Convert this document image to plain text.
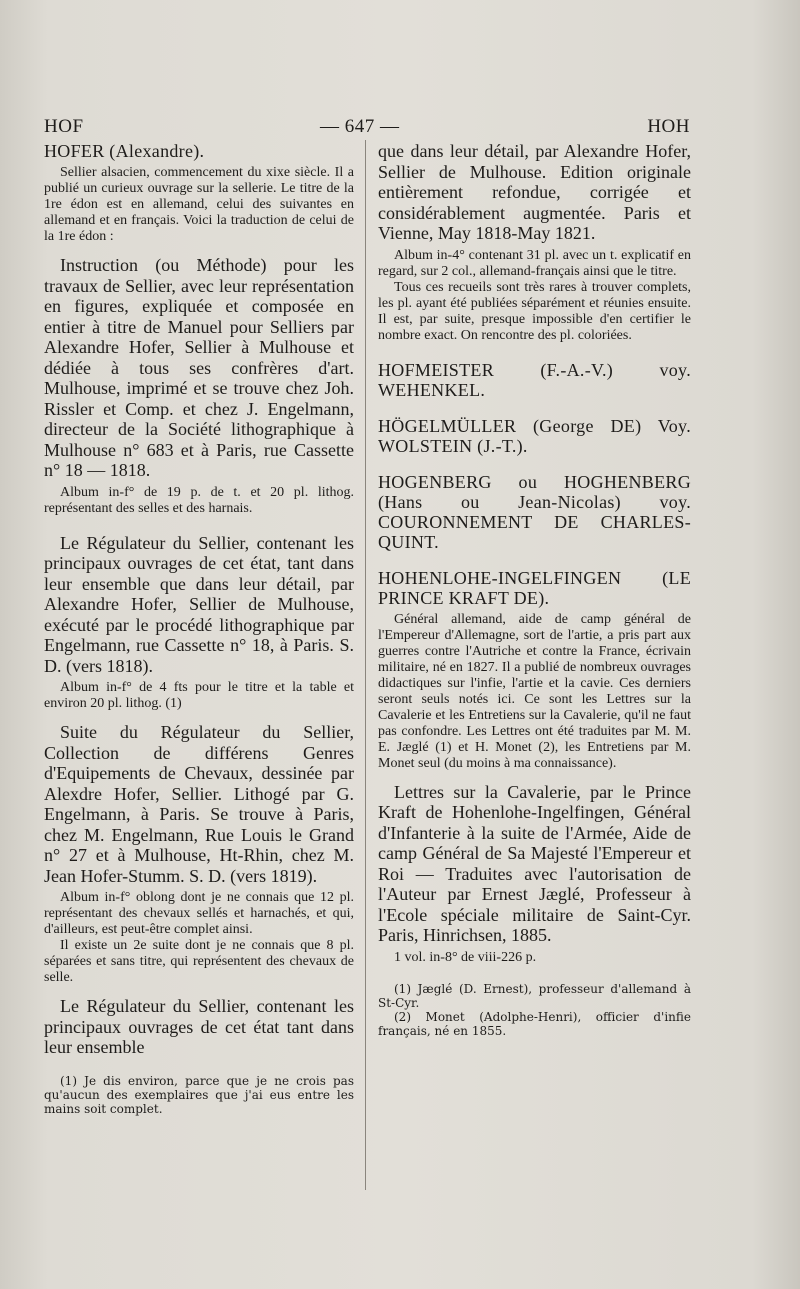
HOF	— 647 —	HOH

HOFER (Alexandre).

Sellier alsacien, commencement du xixe siècle. Il a publié un curieux ouvrage sur la sellerie. Le titre de la 1re édon est en allemand, celui des suivantes en allemand et en français. Voici la traduction de celui de la 1re édon :

Instruction (ou Méthode) pour les travaux de Sellier, avec leur représentation en figures, expliquée et composée en entier à titre de Manuel pour Selliers par Alexandre Hofer, Sellier à Mulhouse et dédiée à tous ses confrères d'art. Mulhouse, imprimé et se trouve chez Joh. Rissler et Comp. et chez J. Engelmann, directeur de la Société lithographique à Mulhouse n° 683 et à Paris, rue Cassette n° 18 — 1818.

Album in-f° de 19 p. de t. et 20 pl. lithog. représentant des selles et des harnais.

Le Régulateur du Sellier, contenant les principaux ouvrages de cet état, tant dans leur ensemble que dans leur détail, par Alexandre Hofer, Sellier de Mulhouse, exécuté par le procédé lithographique par Engelmann, rue Cassette n° 18, à Paris. S. D. (vers 1818).

Album in-f° de 4 fts pour le titre et la table et environ 20 pl. lithog. (1)

Suite du Régulateur du Sellier, Collection de différens Genres d'Equipements de Chevaux, dessinée par Alexdre Hofer, Sellier. Lithogé par G. Engelmann, à Paris. Se trouve à Paris, chez M. Engelmann, Rue Louis le Grand n° 27 et à Mulhouse, Ht-Rhin, chez M. Jean Hofer-Stumm. S. D. (vers 1819).

Album in-f° oblong dont je ne connais que 12 pl. représentant des chevaux sellés et harnachés, et qui, d'ailleurs, est peut-être complet ainsi.

Il existe un 2e suite dont je ne connais que 8 pl. séparées et sans titre, qui représentent des chevaux de selle.

Le Régulateur du Sellier, contenant les principaux ouvrages de cet état tant dans leur ensemble

(1) Je dis environ, parce que je ne crois pas qu'aucun des exemplaires que j'ai eus entre les mains soit complet.

que dans leur détail, par Alexandre Hofer, Sellier de Mulhouse. Edition originale entièrement refondue, corrigée et considérablement augmentée. Paris et Vienne, May 1818-May 1821.

Album in-4° contenant 31 pl. avec un t. explicatif en regard, sur 2 col., allemand-français ainsi que le titre.

Tous ces recueils sont très rares à trouver complets, les pl. ayant été publiées séparément et réunies ensuite. Il est, par suite, presque impossible d'en certifier le nombre exact. On rencontre des pl. coloriées.

HOFMEISTER (F.-A.-V.) voy. WEHENKEL.

HÖGELMÜLLER (George DE) Voy. WOLSTEIN (J.-T.).

HOGENBERG ou HOGHENBERG (Hans ou Jean-Nicolas) voy. COURONNEMENT DE CHARLES-QUINT.

HOHENLOHE-INGELFINGEN (LE PRINCE KRAFT DE).

Général allemand, aide de camp général de l'Empereur d'Allemagne, sort de l'artie, a pris part aux guerres contre l'Autriche et contre la France, écrivain militaire, né en 1827. Il a publié de nombreux ouvrages didactiques sur l'infie, l'artie et la cavie. Ces derniers seront seuls notés ici. Ce sont les Lettres sur la Cavalerie et les Entretiens sur la Cavalerie, qu'il ne faut pas confondre. Les Lettres ont été traduites par M. M. E. Jæglé (1) et H. Monet (2), les Entretiens par M. Monet seul (du moins à ma connaissance).

Lettres sur la Cavalerie, par le Prince Kraft de Hohenlohe-Ingelfingen, Général d'Infanterie à la suite de l'Armée, Aide de camp Général de Sa Majesté l'Empereur et Roi — Traduites avec l'autorisation de l'Auteur par Ernest Jæglé, Professeur à l'Ecole spéciale militaire de Saint-Cyr. Paris, Hinrichsen, 1885.

1 vol. in-8° de viii-226 p.

(1) Jæglé (D. Ernest), professeur d'allemand à St-Cyr.

(2) Monet (Adolphe-Henri), officier d'infie français, né en 1855.
